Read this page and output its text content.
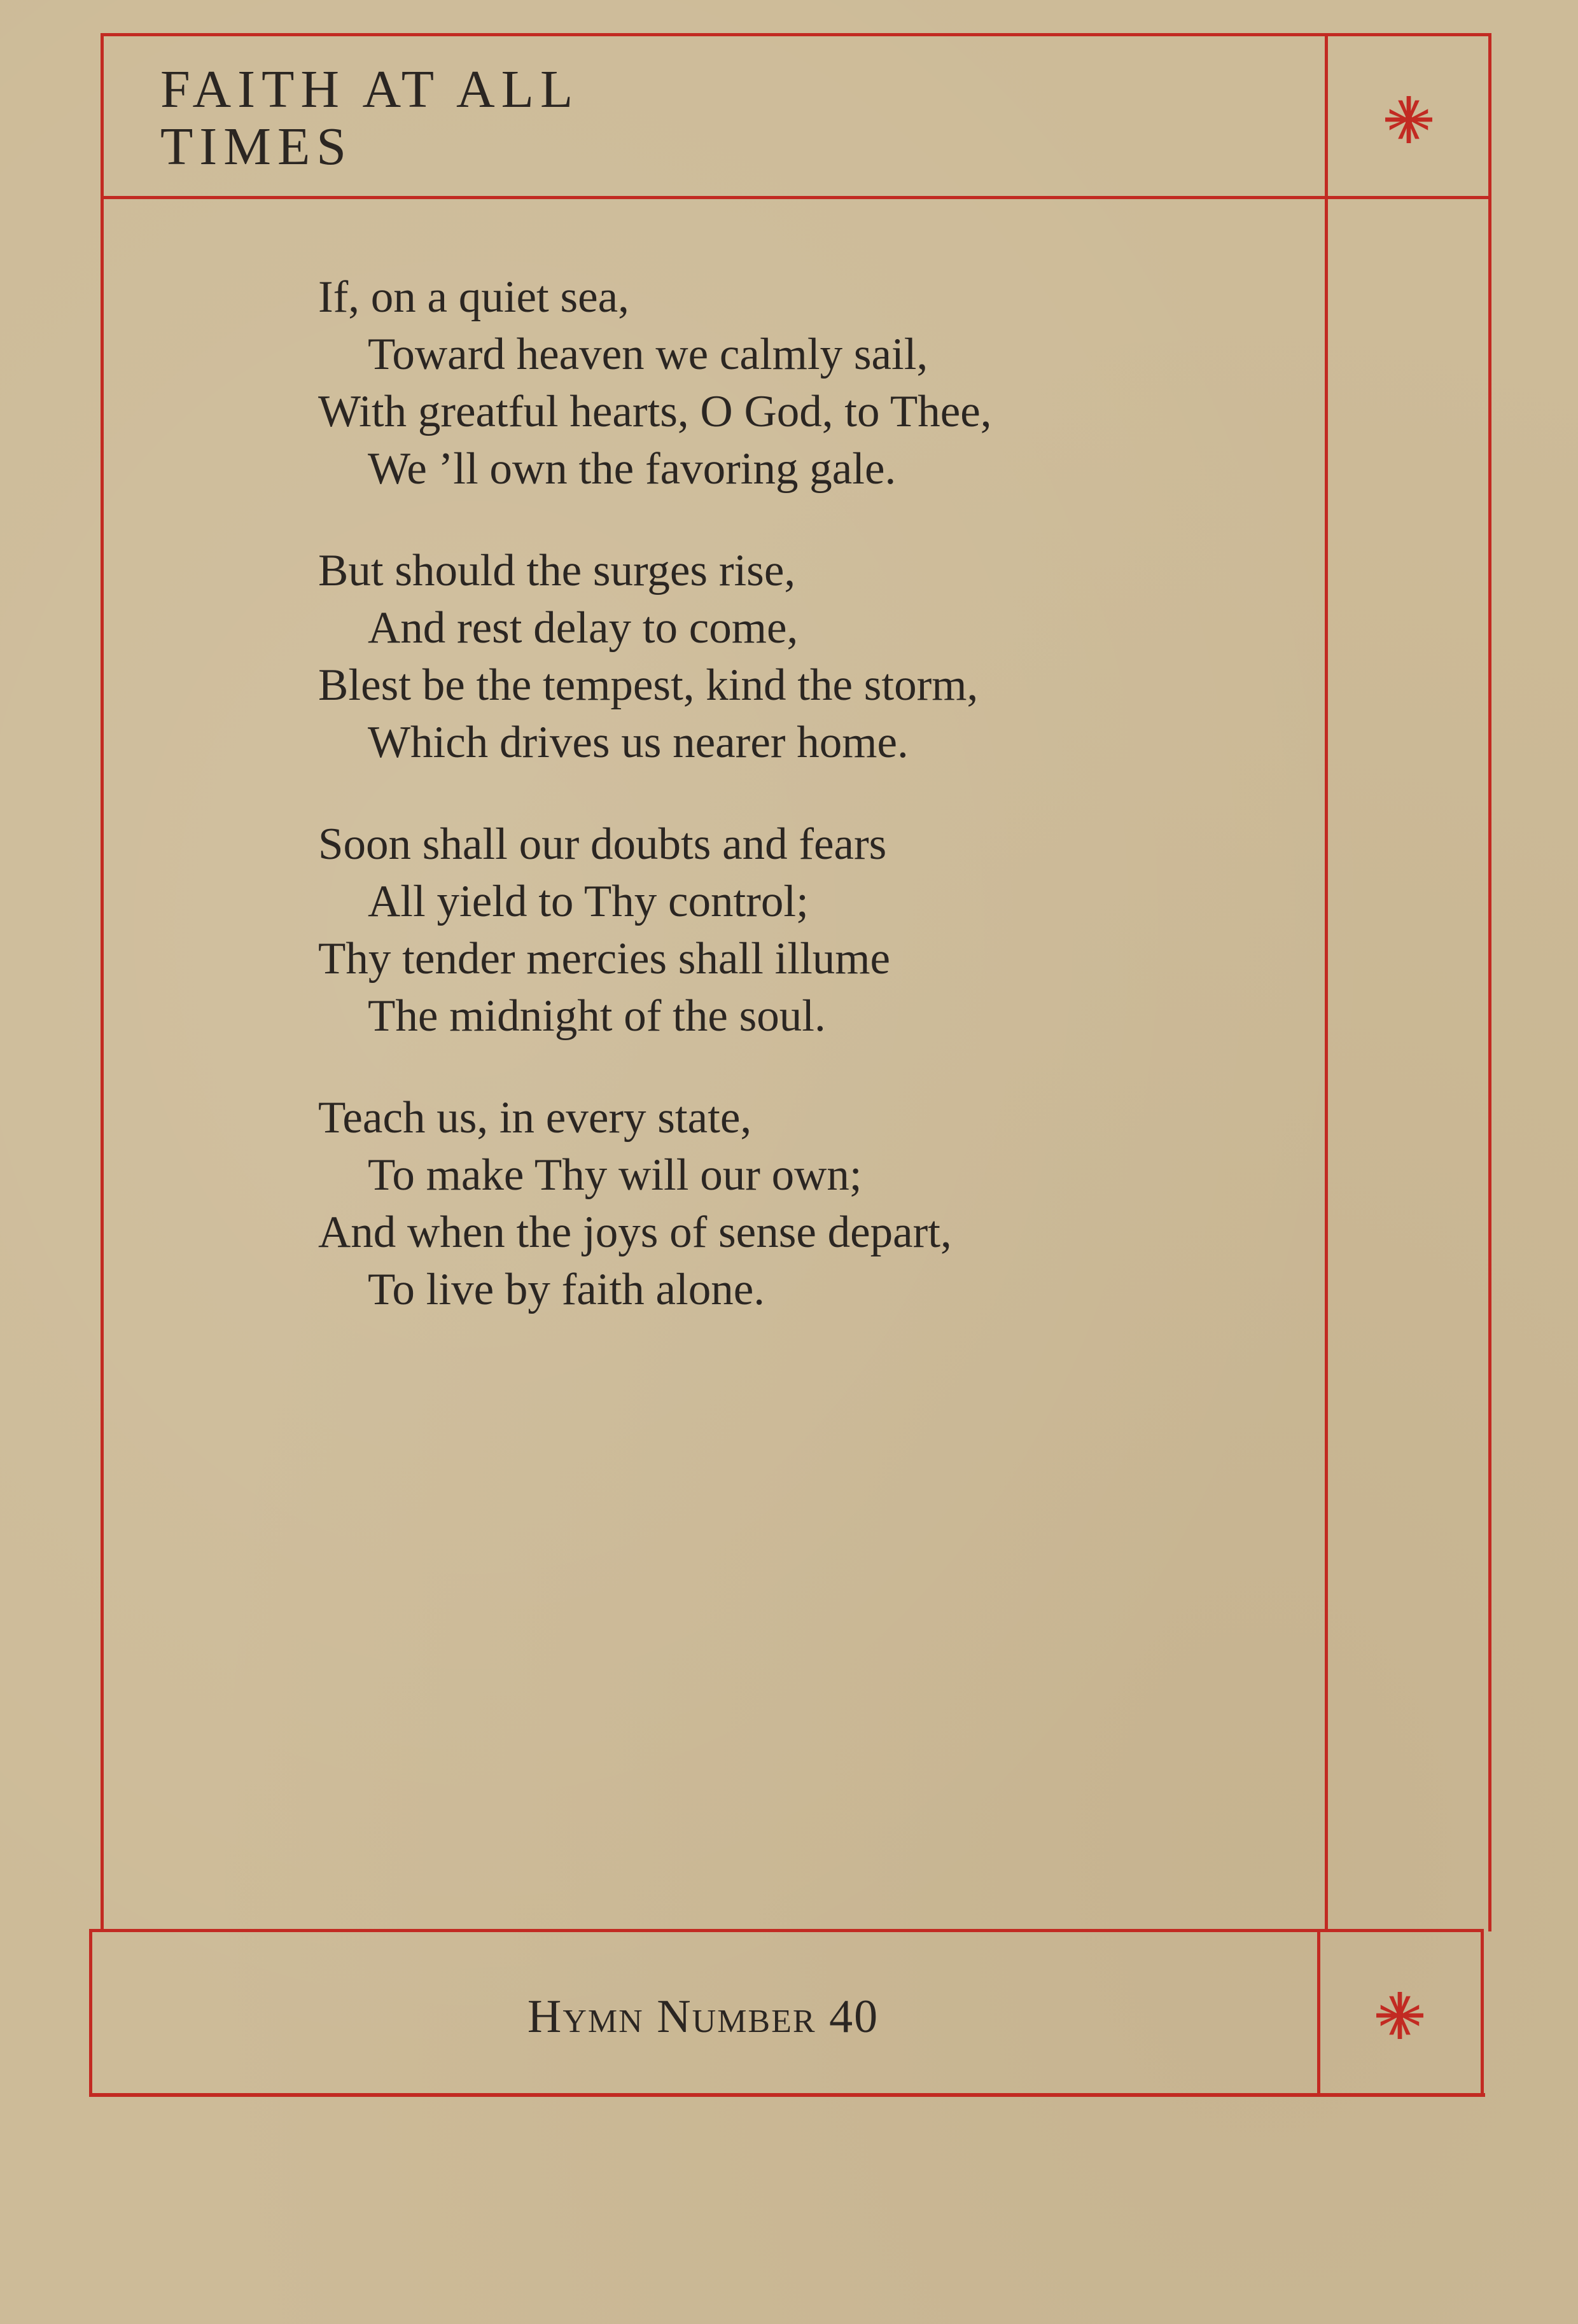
FAITH AT ALL
TIMES
If, on a quiet sea,
Toward heaven we calmly sail,
With greatful hearts, O God, to Thee,
We ’ll own the favoring gale.
But should the surges rise,
And rest delay to come,
Blest be the tempest, kind the storm,
Which drives us nearer home.
Soon shall our doubts and fears
All yield to Thy control;
Thy tender mercies shall illume
The midnight of the soul.
Teach us, in every state,
To make Thy will our own;
And when the joys of sense depart,
To live by faith alone.
Hymn Number 40
